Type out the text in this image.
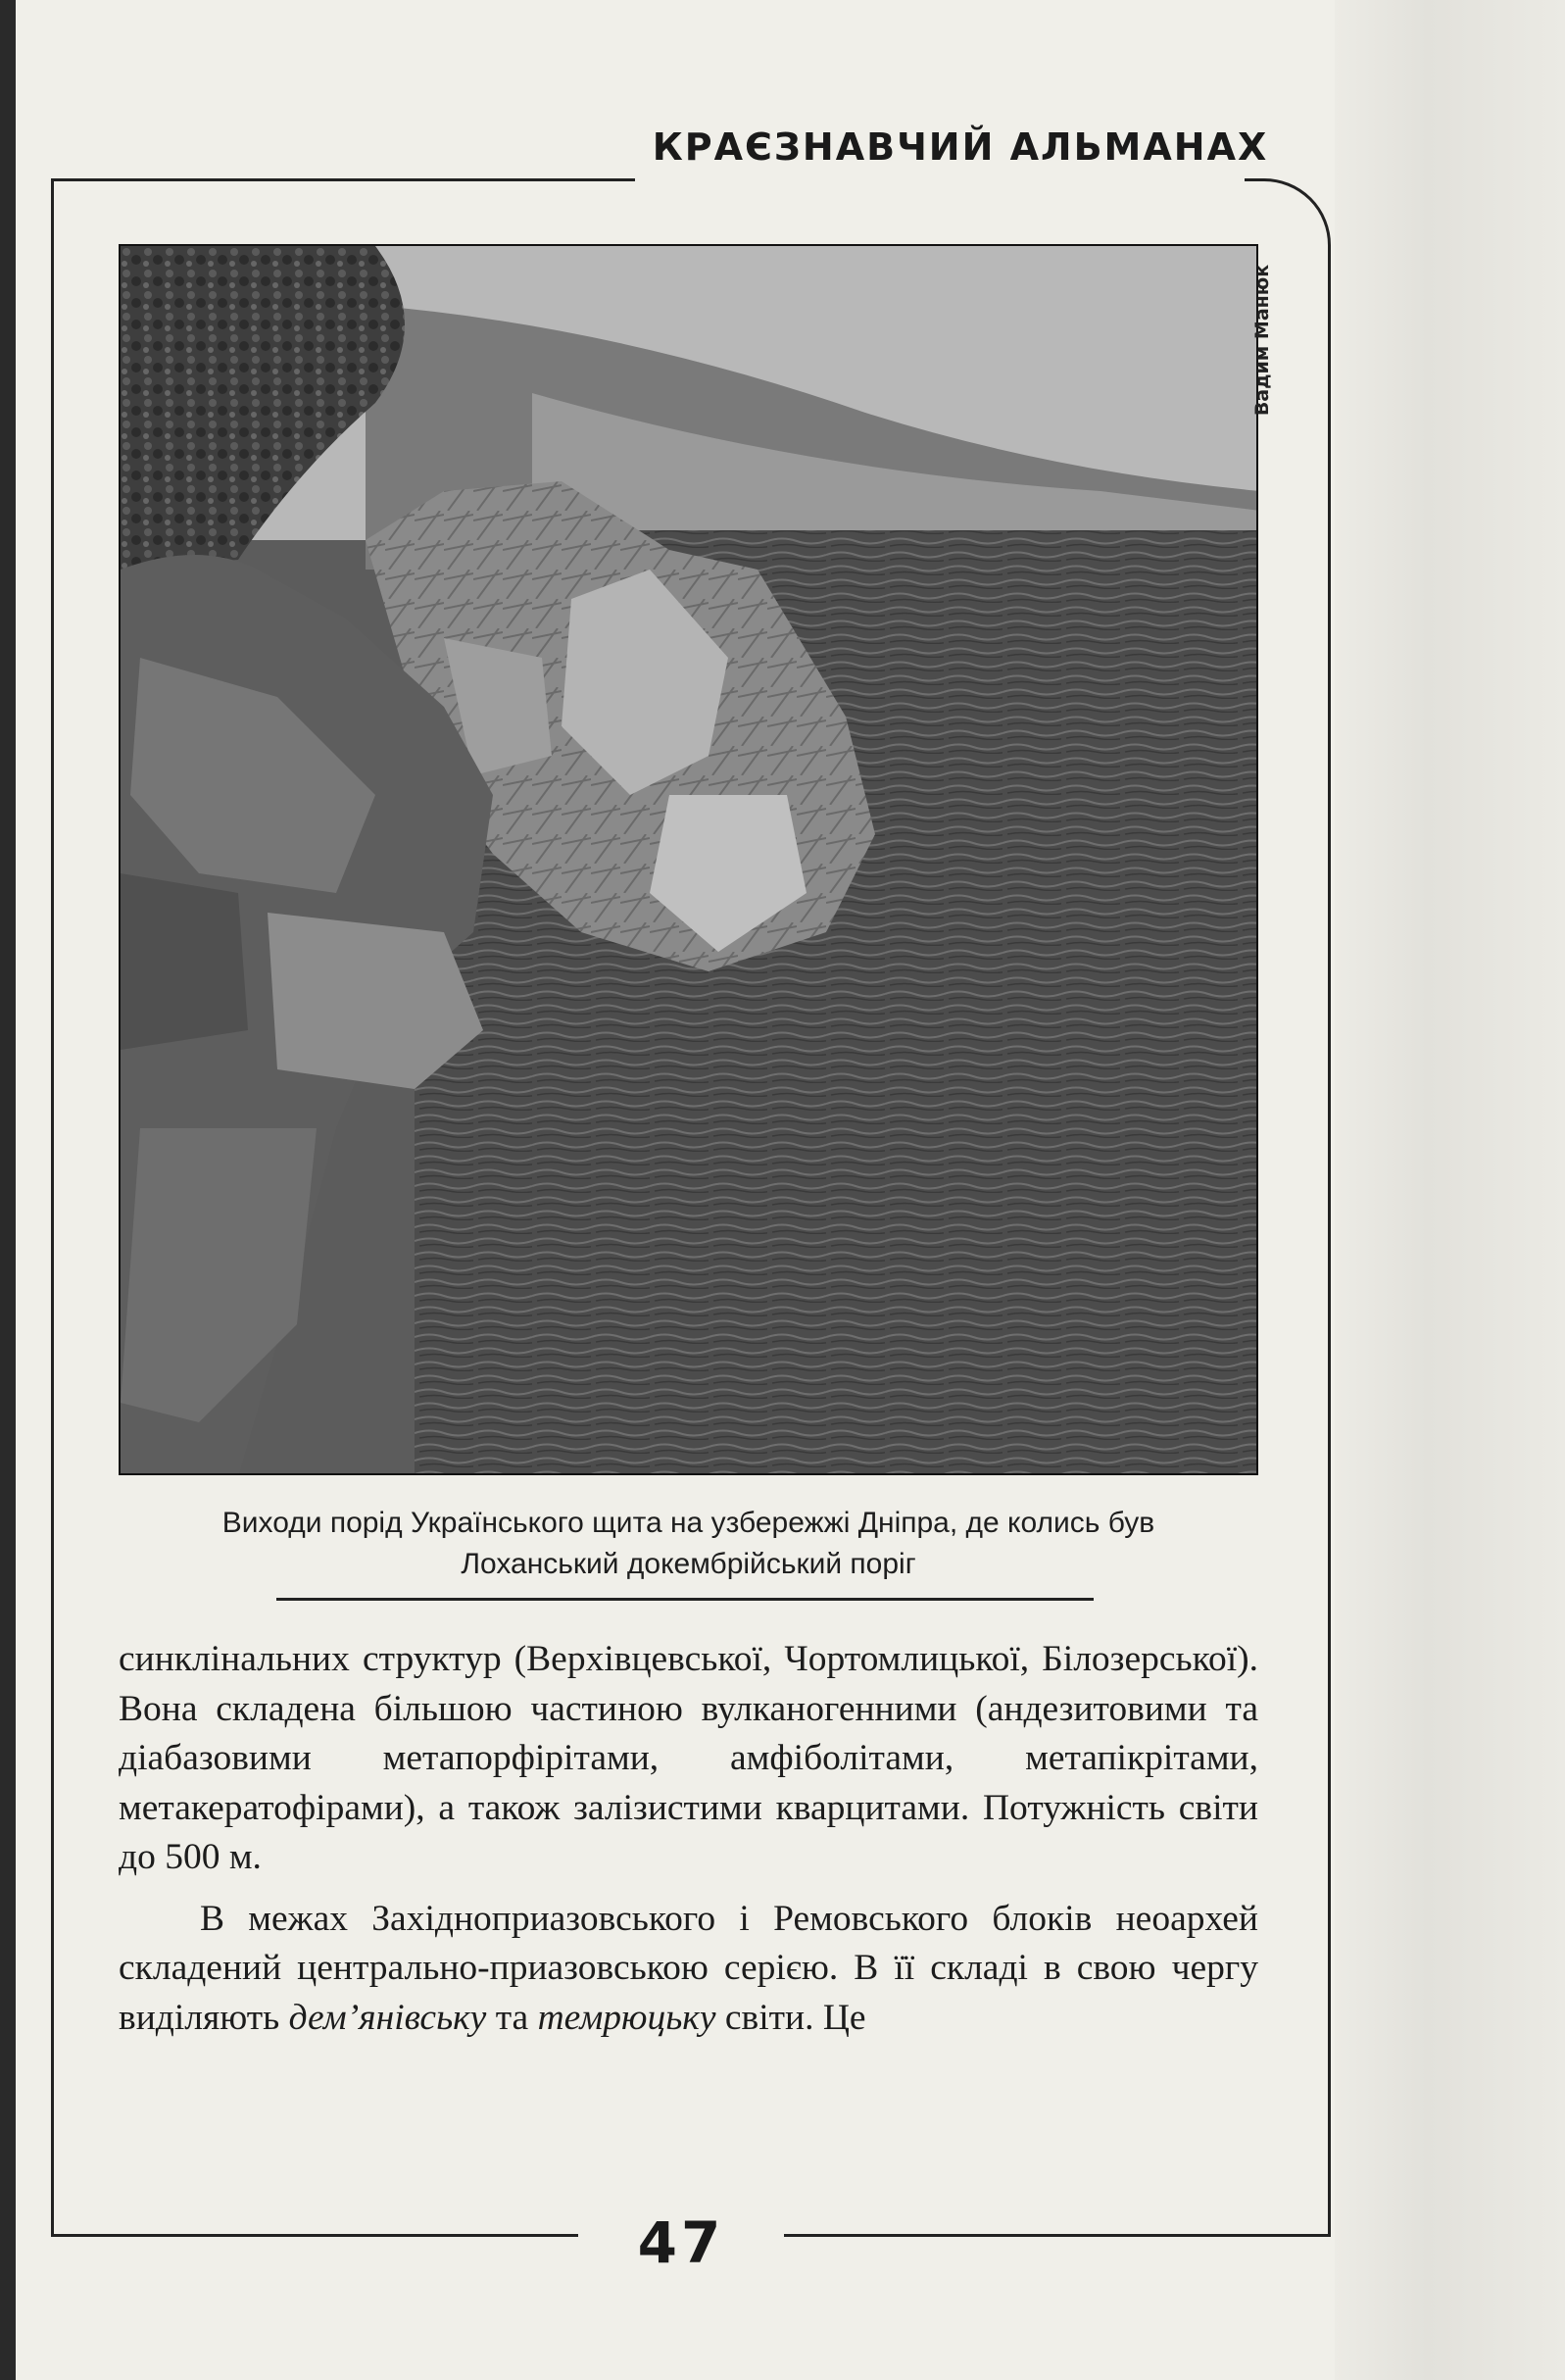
КРАЄЗНАВЧИЙ АЛЬМАНАХ
Вадим Манюк
Виходи порід Українського щита на узбережжі Дніпра, де колись був
Лоханський докембрійський поріг

синклінальних структур (Верхівцевської, Чортомлицької, Білозерської). Вона складена більшою частиною вулканогенними (андезитовими та діабазовими метапорфірітами, амфіболітами, метапікрітами, метакератофірами), а також залізистими кварцитами. Потужність світи до 500 м.

В межах Західноприазовського і Ремовського блоків неоархей складений центрально-приазовською серією. В її складі в свою чергу виділяють дем’янівську та темрюцьку світи. Це

47
